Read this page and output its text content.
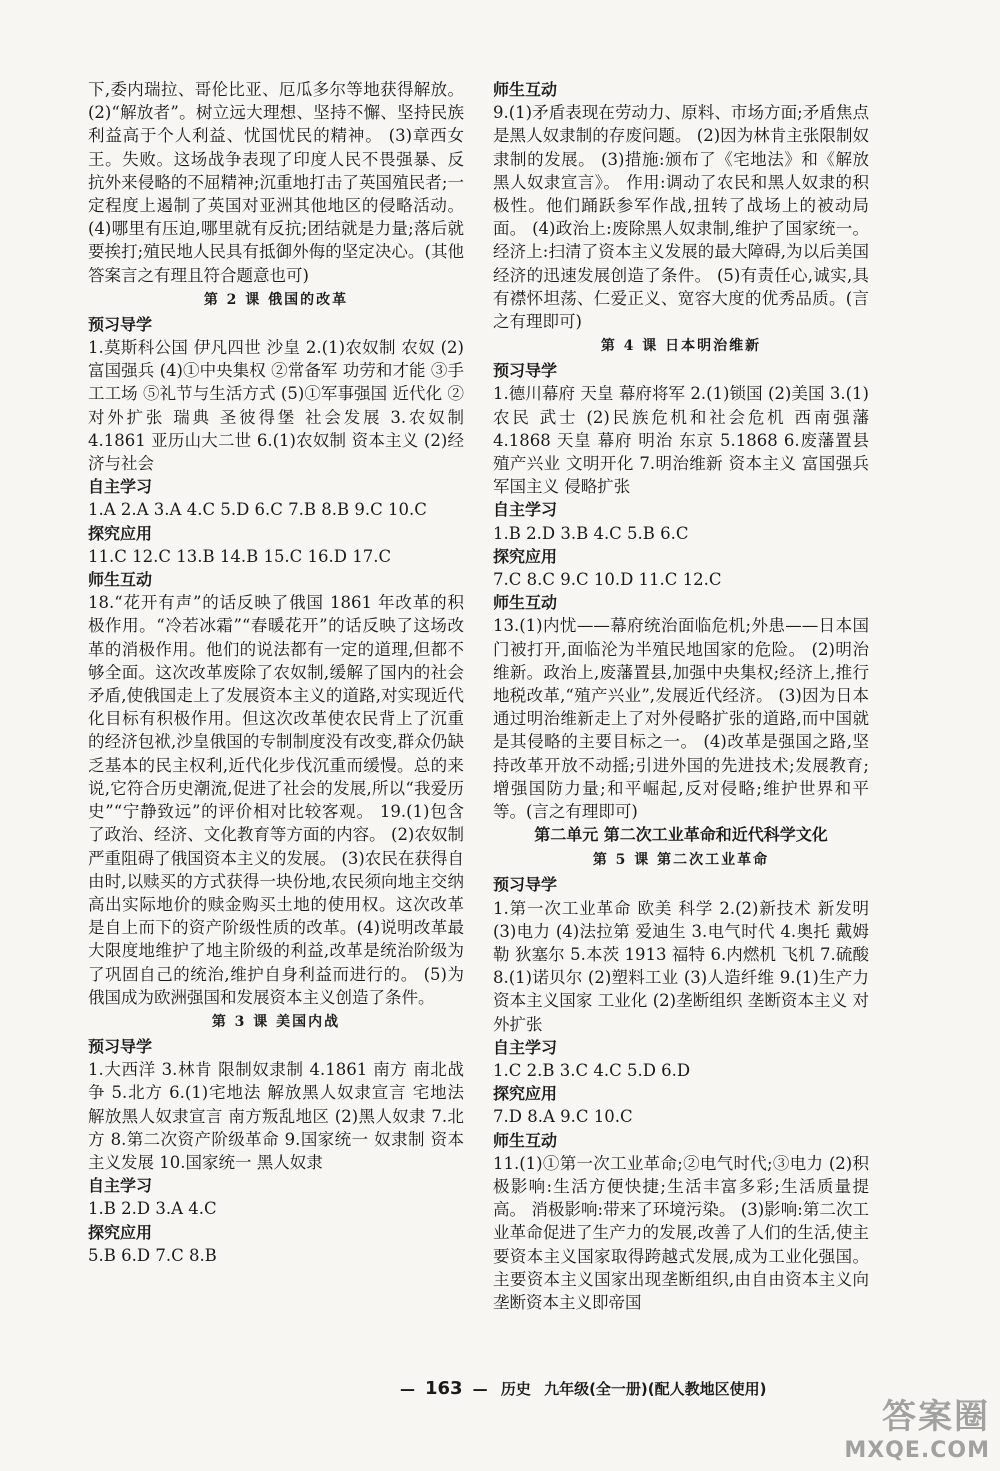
下,委内瑞拉、哥伦比亚、厄瓜多尔等地获得解放。(2)“解放者”。树立远大理想、坚持不懈、坚持民族利益高于个人利益、忧国忧民的精神。 (3)章西女王。失败。这场战争表现了印度人民不畏强暴、反抗外来侵略的不屈精神;沉重地打击了英国殖民者;一定程度上遏制了英国对亚洲其他地区的侵略活动。 (4)哪里有压迫,哪里就有反抗;团结就是力量;落后就要挨打;殖民地人民具有抵御外侮的坚定决心。(其他答案言之有理且符合题意也可)
第 2 课 俄国的改革
预习导学
1.莫斯科公国 伊凡四世 沙皇 2.(1)农奴制 农奴 (2)富国强兵 (4)①中央集权 ②常备军 功劳和才能 ③手工工场 ⑤礼节与生活方式 (5)①军事强国 近代化 ②对外扩张 瑞典 圣彼得堡 社会发展 3.农奴制 4.1861 亚历山大二世 6.(1)农奴制 资本主义 (2)经济与社会
自主学习
1.A 2.A 3.A 4.C 5.D 6.C 7.B 8.B 9.C 10.C
探究应用
11.C 12.C 13.B 14.B 15.C 16.D 17.C
师生互动
18.“花开有声”的话反映了俄国 1861 年改革的积极作用。“冷若冰霜”“春暖花开”的话反映了这场改革的消极作用。他们的说法都有一定的道理,但都不够全面。这次改革废除了农奴制,缓解了国内的社会矛盾,使俄国走上了发展资本主义的道路,对实现近代化目标有积极作用。但这次改革使农民背上了沉重的经济包袱,沙皇俄国的专制制度没有改变,群众仍缺乏基本的民主权利,近代化步伐沉重而缓慢。总的来说,它符合历史潮流,促进了社会的发展,所以“我爱历史”“宁静致远”的评价相对比较客观。 19.(1)包含了政治、经济、文化教育等方面的内容。 (2)农奴制严重阻碍了俄国资本主义的发展。 (3)农民在获得自由时,以赎买的方式获得一块份地,农民须向地主交纳高出实际地价的赎金购买土地的使用权。这次改革是自上而下的资产阶级性质的改革。(4)说明改革最大限度地维护了地主阶级的利益,改革是统治阶级为了巩固自己的统治,维护自身利益而进行的。 (5)为俄国成为欧洲强国和发展资本主义创造了条件。
第 3 课 美国内战
预习导学
1.大西洋 3.林肯 限制奴隶制 4.1861 南方 南北战争 5.北方 6.(1)宅地法 解放黑人奴隶宣言 宅地法 解放黑人奴隶宣言 南方叛乱地区 (2)黑人奴隶 7.北方 8.第二次资产阶级革命 9.国家统一 奴隶制 资本主义发展 10.国家统一 黑人奴隶
自主学习
1.B 2.D 3.A 4.C
探究应用
5.B 6.D 7.C 8.B
师生互动
9.(1)矛盾表现在劳动力、原料、市场方面;矛盾焦点是黑人奴隶制的存废问题。 (2)因为林肯主张限制奴隶制的发展。 (3)措施:颁布了《宅地法》和《解放黑人奴隶宣言》。 作用:调动了农民和黑人奴隶的积极性。他们踊跃参军作战,扭转了战场上的被动局面。 (4)政治上:废除黑人奴隶制,维护了国家统一。经济上:扫清了资本主义发展的最大障碍,为以后美国经济的迅速发展创造了条件。 (5)有责任心,诚实,具有襟怀坦荡、仁爱正义、宽容大度的优秀品质。(言之有理即可)
第 4 课 日本明治维新
预习导学
1.德川幕府 天皇 幕府将军 2.(1)锁国 (2)美国 3.(1)农民 武士 (2)民族危机和社会危机 西南强藩 4.1868 天皇 幕府 明治 东京 5.1868 6.废藩置县 殖产兴业 文明开化 7.明治维新 资本主义 富国强兵 军国主义 侵略扩张
自主学习
1.B 2.D 3.B 4.C 5.B 6.C
探究应用
7.C 8.C 9.C 10.D 11.C 12.C
师生互动
13.(1)内忧——幕府统治面临危机;外患——日本国门被打开,面临沦为半殖民地国家的危险。 (2)明治维新。政治上,废藩置县,加强中央集权;经济上,推行地税改革,“殖产兴业”,发展近代经济。 (3)因为日本通过明治维新走上了对外侵略扩张的道路,而中国就是其侵略的主要目标之一。 (4)改革是强国之路,坚持改革开放不动摇;引进外国的先进技术;发展教育;增强国防力量;和平崛起,反对侵略;维护世界和平等。(言之有理即可)
第二单元 第二次工业革命和近代科学文化
第 5 课 第二次工业革命
预习导学
1.第一次工业革命 欧美 科学 2.(2)新技术 新发明 (3)电力 (4)法拉第 爱迪生 3.电气时代 4.奥托 戴姆勒 狄塞尔 5.本茨 1913 福特 6.内燃机 飞机 7.硫酸 8.(1)诺贝尔 (2)塑料工业 (3)人造纤维 9.(1)生产力 资本主义国家 工业化 (2)垄断组织 垄断资本主义 对外扩张
自主学习
1.C 2.B 3.C 4.C 5.D 6.D
探究应用
7.D 8.A 9.C 10.C
师生互动
11.(1)①第一次工业革命;②电气时代;③电力 (2)积极影响:生活方便快捷;生活丰富多彩;生活质量提高。 消极影响:带来了环境污染。 (3)影响:第二次工业革命促进了生产力的发展,改善了人们的生活,使主要资本主义国家取得跨越式发展,成为工业化强国。 主要资本主义国家出现垄断组织,由自由资本主义向垄断资本主义即帝国
— 163 — 历史 九年级(全一册)(配人教地区使用)
答案圈
MXQE.COM
